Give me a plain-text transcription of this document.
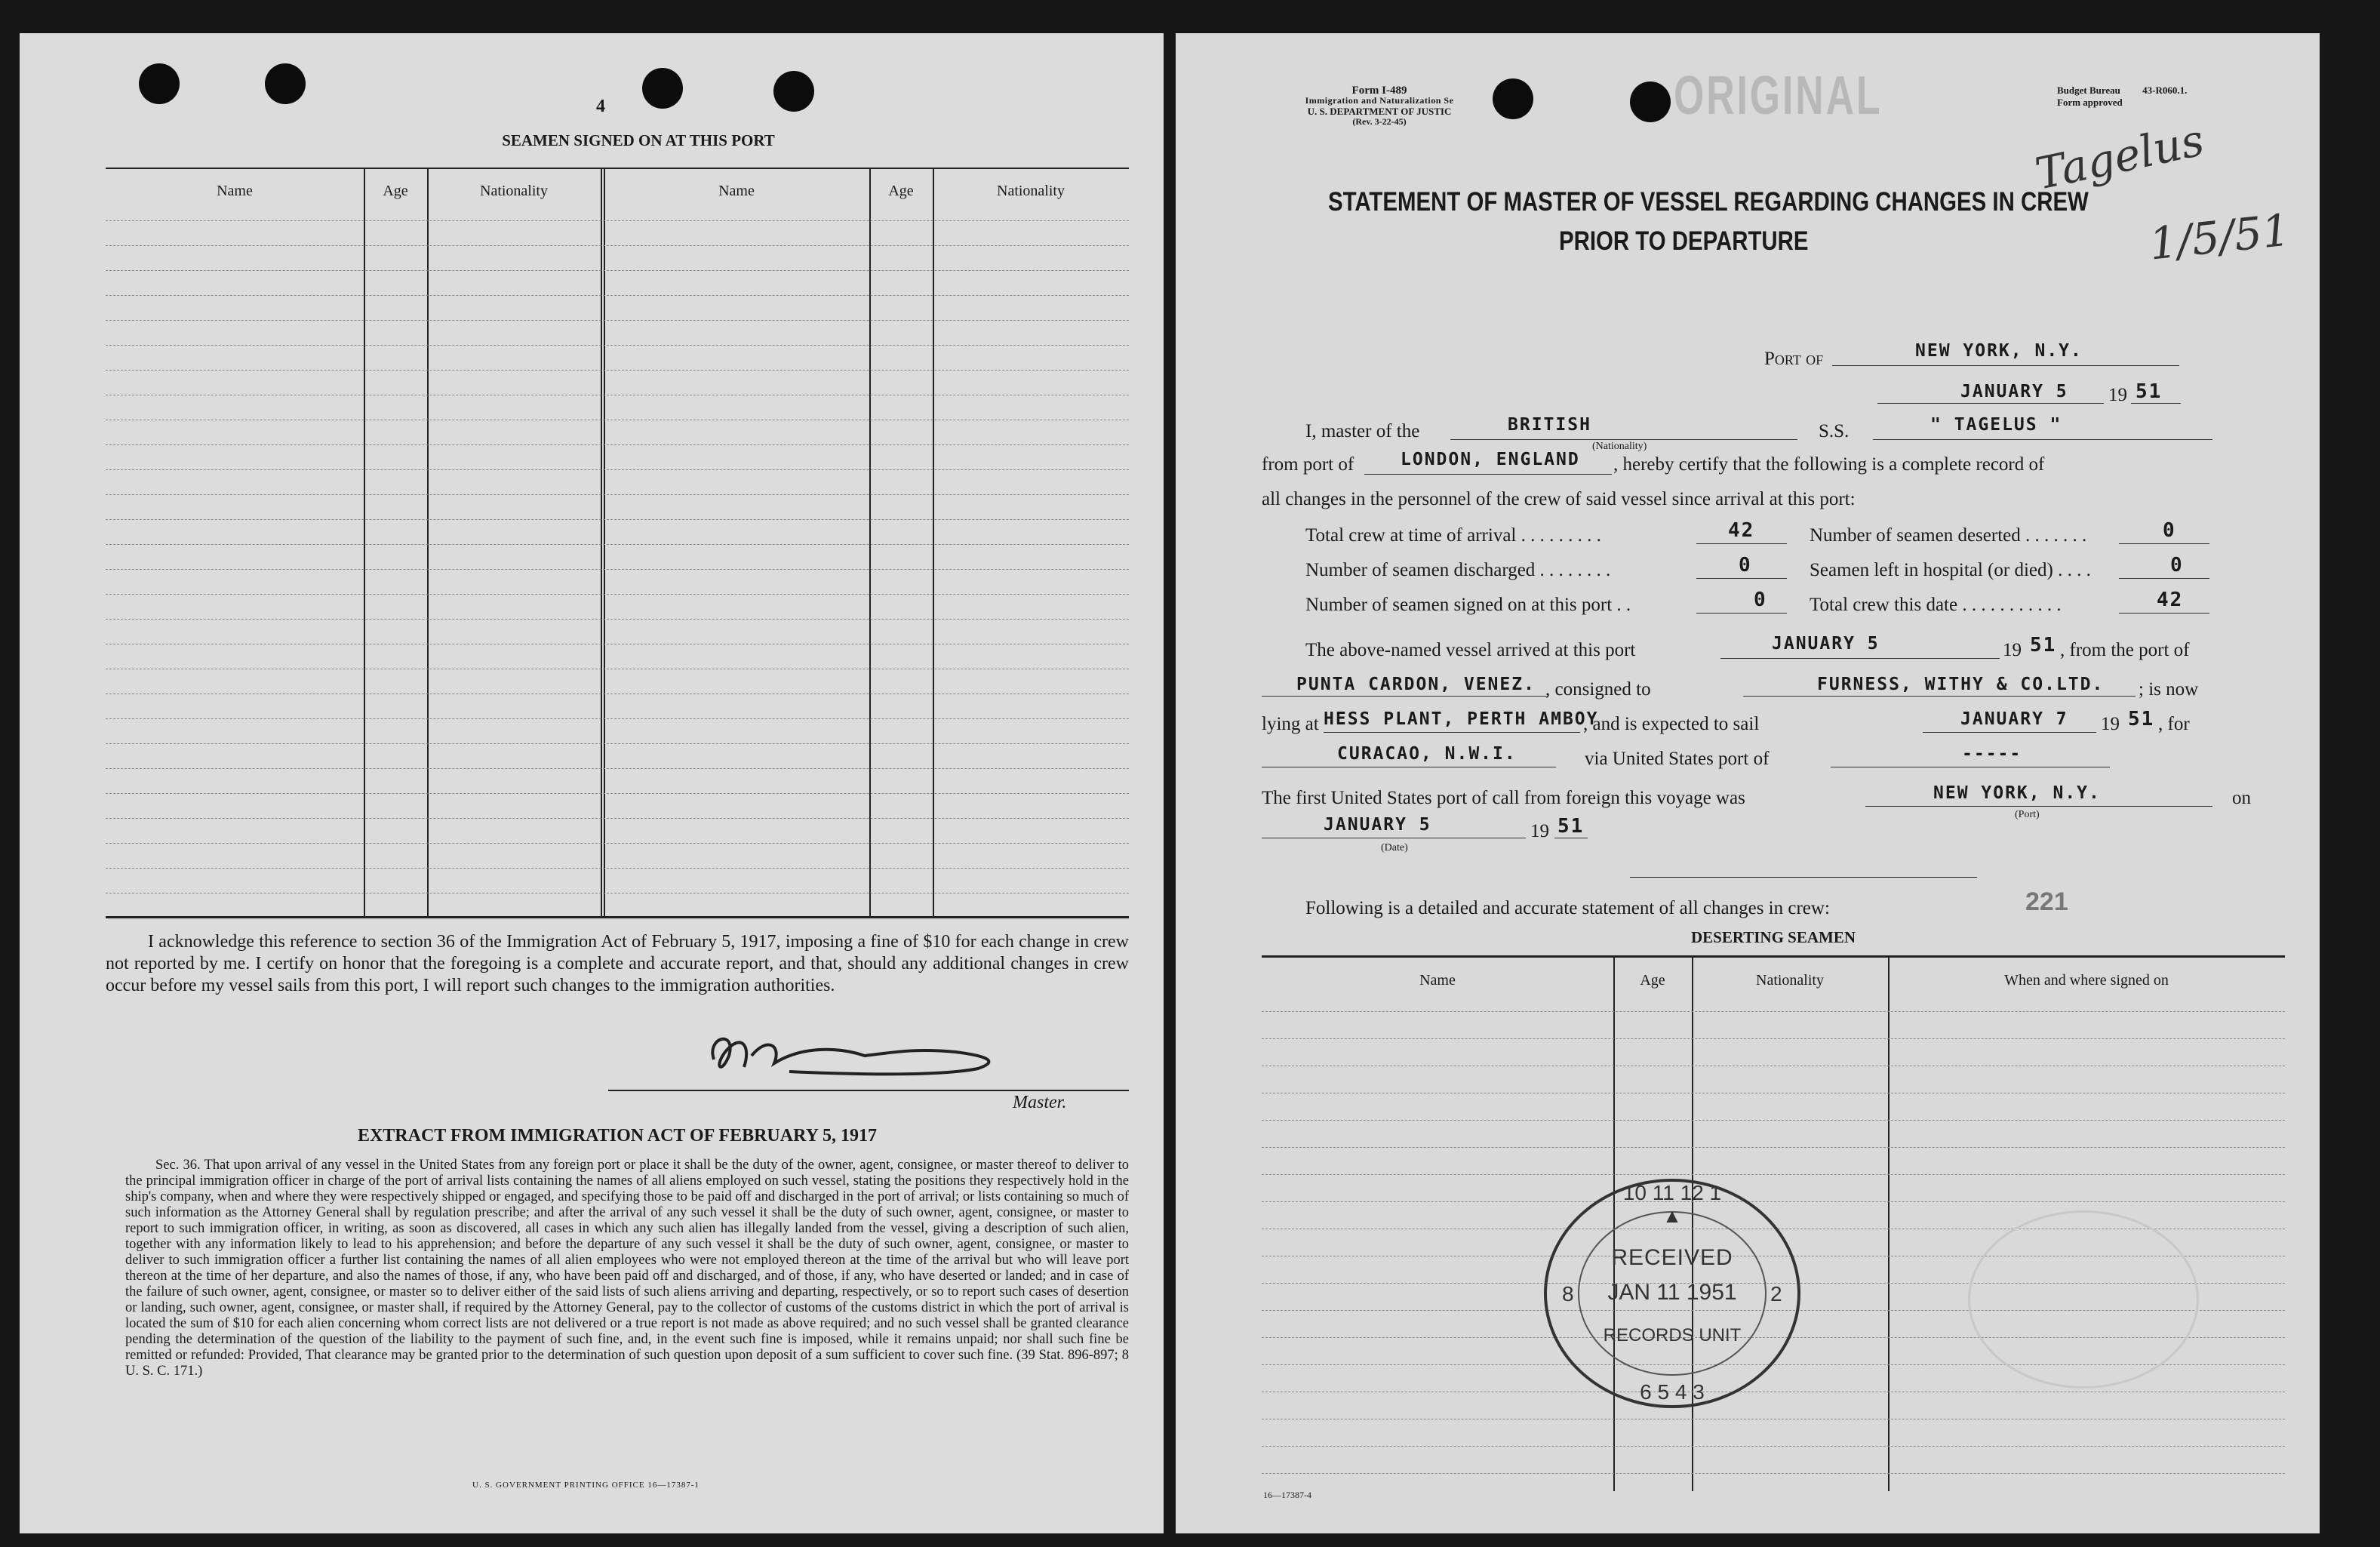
4
SEAMEN SIGNED ON AT THIS PORT
Name	Age	Nationality	Name	Age	Nationality
I acknowledge this reference to section 36 of the Immigration Act of February 5, 1917, imposing a fine of $10 for each change in crew not reported by me. I certify on honor that the foregoing is a complete and accurate report, and that, should any additional changes in crew occur before my vessel sails from this port, I will report such changes to the immigration authorities.
Master.
EXTRACT FROM IMMIGRATION ACT OF FEBRUARY 5, 1917
Sec. 36. That upon arrival of any vessel in the United States from any foreign port or place it shall be the duty of the owner, agent, consignee, or master thereof to deliver to the principal immigration officer in charge of the port of arrival lists containing the names of all aliens employed on such vessel, stating the positions they respectively hold in the ship's company, when and where they were respectively shipped or engaged, and specifying those to be paid off and discharged in the port of arrival; or lists containing so much of such information as the Attorney General shall by regulation prescribe; and after the arrival of any such vessel it shall be the duty of such owner, agent, consignee, or master to report to such immigration officer, in writing, as soon as discovered, all cases in which any such alien has illegally landed from the vessel, giving a description of such alien, together with any information likely to lead to his apprehension; and before the departure of any such vessel it shall be the duty of such owner, agent, consignee, or master to deliver to such immigration officer a further list containing the names of all alien employees who were not employed thereon at the time of the arrival but who will leave port thereon at the time of her departure, and also the names of those, if any, who have been paid off and discharged, and of those, if any, who have deserted or landed; and in case of the failure of such owner, agent, consignee, or master so to deliver either of the said lists of such aliens arriving and departing, respectively, or so to report such cases of desertion or landing, such owner, agent, consignee, or master shall, if required by the Attorney General, pay to the collector of customs of the customs district in which the port of arrival is located the sum of $10 for each alien concerning whom correct lists are not delivered or a true report is not made as above required; and no such vessel shall be granted clearance pending the determination of the question of the liability to the payment of such fine, and, in the event such fine is imposed, while it remains unpaid; nor shall such fine be remitted or refunded: Provided, That clearance may be granted prior to the determination of such question upon deposit of a sum sufficient to cover such fine. (39 Stat. 896-897; 8 U. S. C. 171.)
U. S. GOVERNMENT PRINTING OFFICE 16—17387-1
Form I-489
Immigration and Naturalization Se
U. S. DEPARTMENT OF JUSTIC
(Rev. 3-22-45)	ORIGINAL	Budget Bureau 43-R060.1.
Form approved
Tagelus
1/5/51
STATEMENT OF MASTER OF VESSEL REGARDING CHANGES IN CREW
PRIOR TO DEPARTURE
Port of	NEW YORK, N.Y.
JANUARY 5 19 51
I, master of the	BRITISH
(Nationality)
S.S.	" TAGELUS "
from port of	LONDON, ENGLAND , hereby certify that the following is a complete record of
all changes in the personnel of the crew of said vessel since arrival at this port:
Total crew at time of arrival . . . . . . . . .	42	Number of seamen deserted . . . . . . .	0
Number of seamen discharged . . . . . . . .	0	Seamen left in hospital (or died) . . . .	0
Number of seamen signed on at this port . .	0 Total crew this date . . . . . . . . . . .	42
The above-named vessel arrived at this port	JANUARY 5	19 51 , from the port of
PUNTA CARDON, VENEZ. , consigned to	FURNESS, WITHY & CO.LTD. ; is now
lying at HESS PLANT, PERTH AMBOY
, and is expected to sail	JANUARY 7 19 51 , for
CURACAO, N.W.I.	via United States port of	-----
The first United States port of call from foreign this voyage was	NEW YORK, N.Y.
(Port)
on
JANUARY 5
(Date)
19 51
Following is a detailed and accurate statement of all changes in crew:	221
DESERTING SEAMEN
Name	Age	Nationality	When and where signed on
10 11 12 1
8	2
6 5 4 3
▲
RECEIVED
JAN 11 1951
RECORDS UNIT
16—17387-4
